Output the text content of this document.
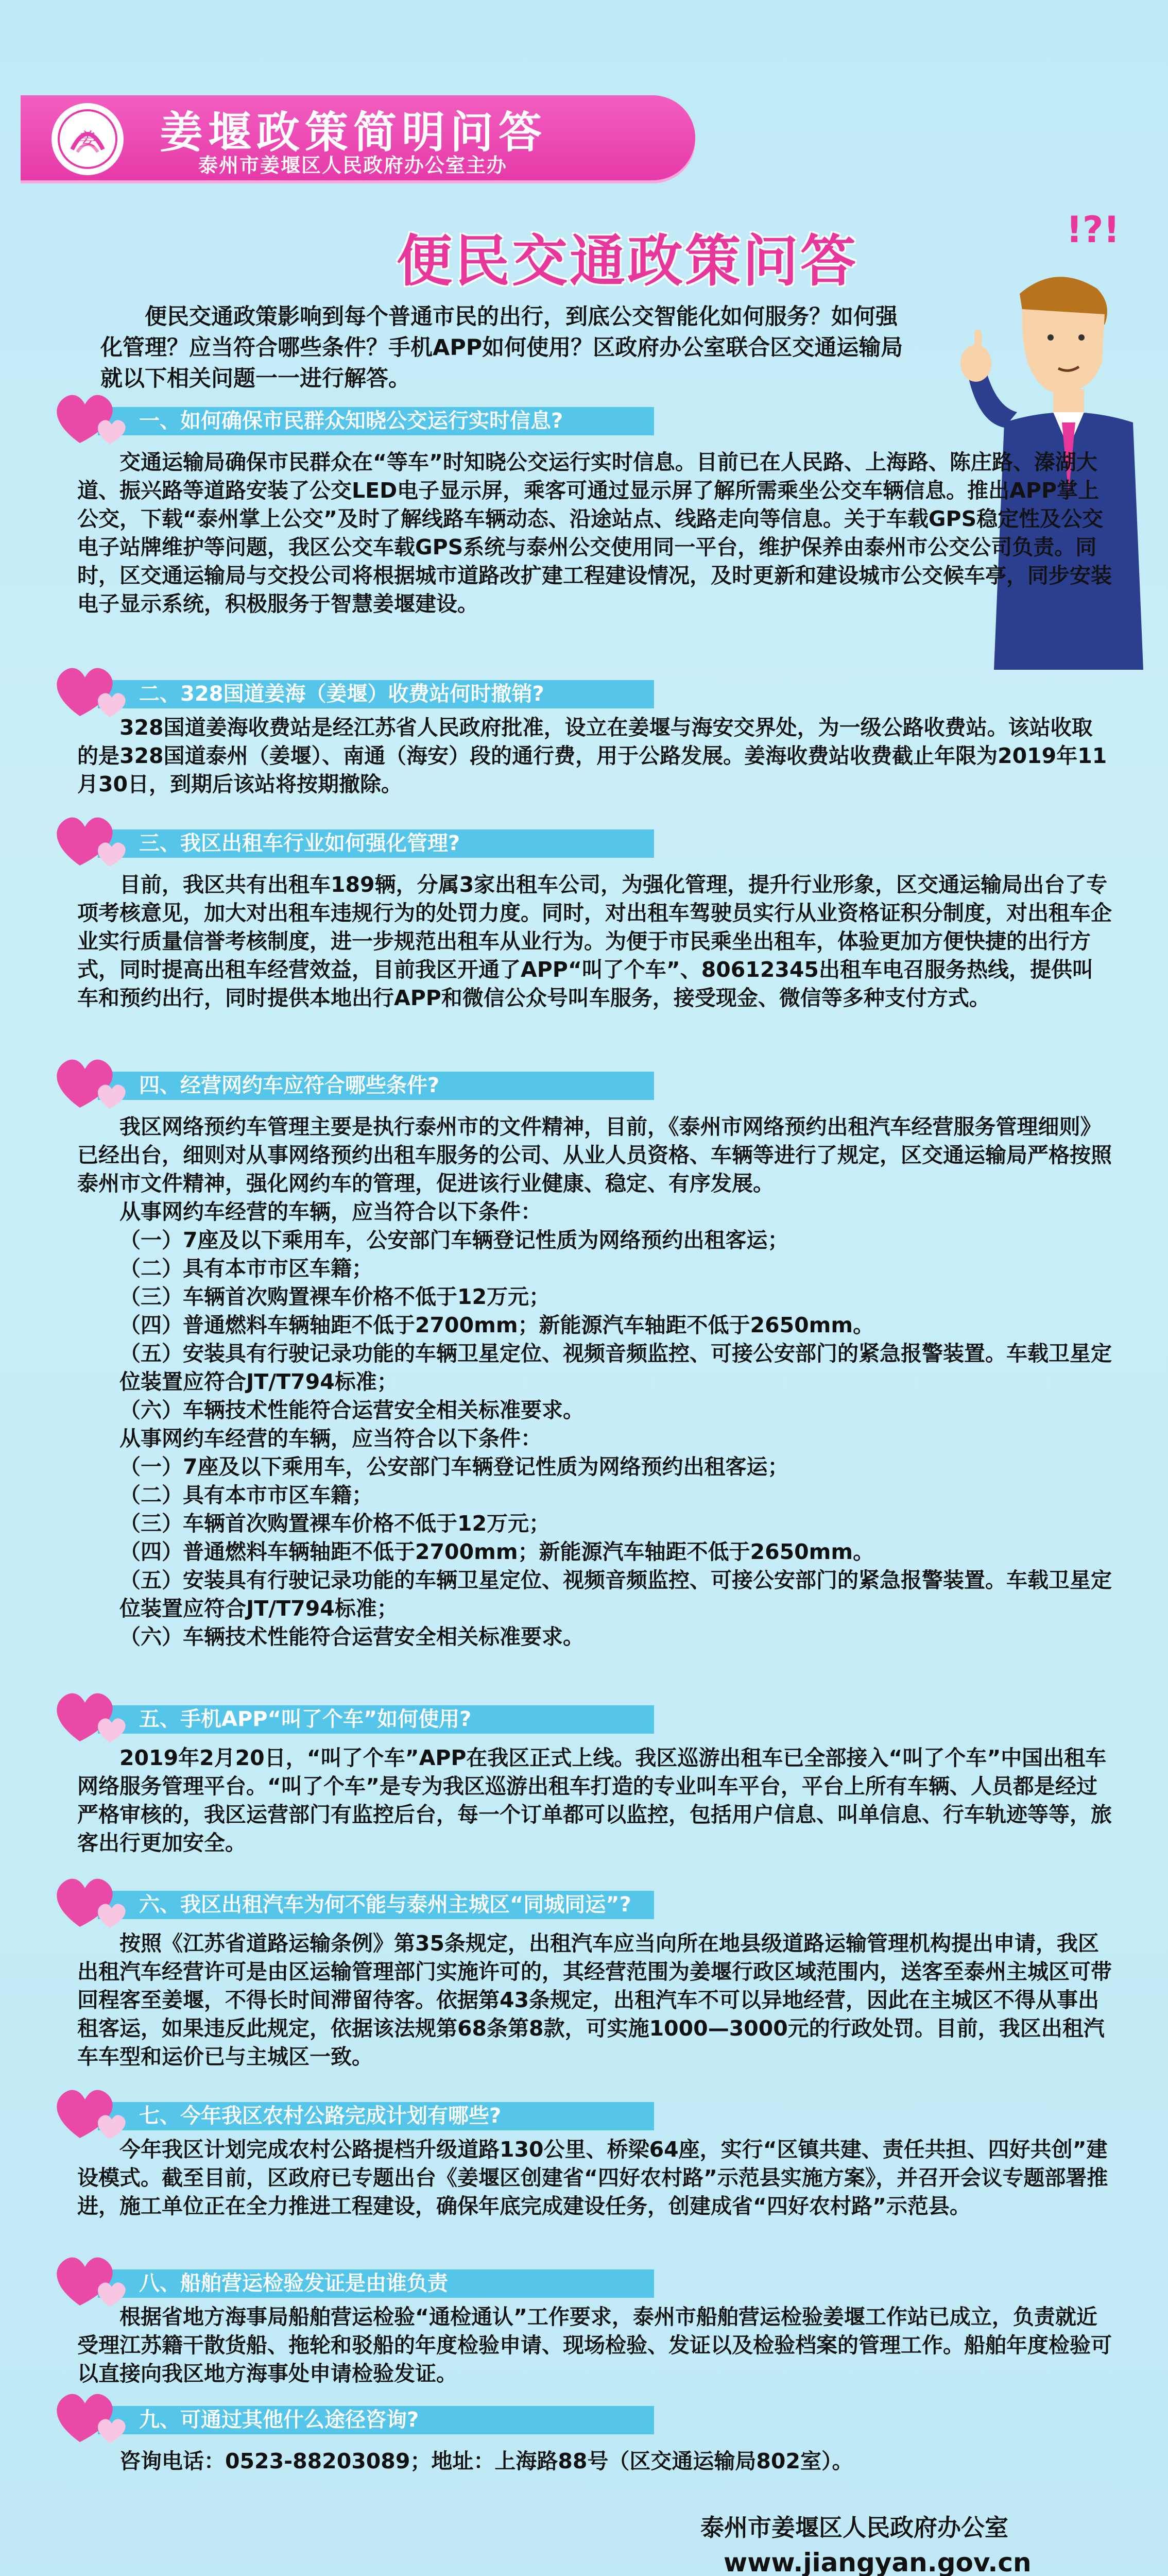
姜 姜堰政策简明问答
泰州市姜堰区人民政府办公室主办
便民交通政策问答	!?!

便民交通政策影响到每个普通市民的出行，到底公交智能化如何服务？如何强化管理？应当符合哪些条件？手机APP如何使用？区政府办公室联合区交通运输局就以下相关问题一一进行解答。

一、如何确保市民群众知晓公交运行实时信息?

交通运输局确保市民群众在“等车”时知晓公交运行实时信息。目前已在人民路、上海路、陈庄路、溱湖大道、振兴路等道路安装了公交LED电子显示屏，乘客可通过显示屏了解所需乘坐公交车辆信息。推出APP掌上公交，下载“泰州掌上公交”及时了解线路车辆动态、沿途站点、线路走向等信息。关于车载GPS稳定性及公交电子站牌维护等问题，我区公交车载GPS系统与泰州公交使用同一平台，维护保养由泰州市公交公司负责。同时，区交通运输局与交投公司将根据城市道路改扩建工程建设情况，及时更新和建设城市公交候车亭，同步安装电子显示系统，积极服务于智慧姜堰建设。

二、328国道姜海（姜堰）收费站何时撤销?

328国道姜海收费站是经江苏省人民政府批准，设立在姜堰与海安交界处，为一级公路收费站。该站收取的是328国道泰州（姜堰）、南通（海安）段的通行费，用于公路发展。姜海收费站收费截止年限为2019年11月30日，到期后该站将按期撤除。

三、我区出租车行业如何强化管理?

目前，我区共有出租车189辆，分属3家出租车公司，为强化管理，提升行业形象，区交通运输局出台了专项考核意见，加大对出租车违规行为的处罚力度。同时，对出租车驾驶员实行从业资格证积分制度，对出租车企业实行质量信誉考核制度，进一步规范出租车从业行为。为便于市民乘坐出租车，体验更加方便快捷的出行方式，同时提高出租车经营效益，目前我区开通了APP“叫了个车”、80612345出租车电召服务热线，提供叫车和预约出行，同时提供本地出行APP和微信公众号叫车服务，接受现金、微信等多种支付方式。

四、经营网约车应符合哪些条件?

我区网络预约车管理主要是执行泰州市的文件精神，目前，《泰州市网络预约出租汽车经营服务管理细则》已经出台，细则对从事网络预约出租车服务的公司、从业人员资格、车辆等进行了规定，区交通运输局严格按照泰州市文件精神，强化网约车的管理，促进该行业健康、稳定、有序发展。

从事网约车经营的车辆，应当符合以下条件：

（一）7座及以下乘用车，公安部门车辆登记性质为网络预约出租客运；

（二）具有本市市区车籍；

（三）车辆首次购置裸车价格不低于12万元；

（四）普通燃料车辆轴距不低于2700mm；新能源汽车轴距不低于2650mm。

（五）安装具有行驶记录功能的车辆卫星定位、视频音频监控、可接公安部门的紧急报警装置。车载卫星定位装置应符合JT/T794标准；

（六）车辆技术性能符合运营安全相关标准要求。

从事网约车经营的车辆，应当符合以下条件：

（一）7座及以下乘用车，公安部门车辆登记性质为网络预约出租客运；

（二）具有本市市区车籍；

（三）车辆首次购置裸车价格不低于12万元；

（四）普通燃料车辆轴距不低于2700mm；新能源汽车轴距不低于2650mm。

（五）安装具有行驶记录功能的车辆卫星定位、视频音频监控、可接公安部门的紧急报警装置。车载卫星定位装置应符合JT/T794标准；

（六）车辆技术性能符合运营安全相关标准要求。

五、手机APP“叫了个车”如何使用?

2019年2月20日，“叫了个车”APP在我区正式上线。我区巡游出租车已全部接入“叫了个车”中国出租车网络服务管理平台。“叫了个车”是专为我区巡游出租车打造的专业叫车平台，平台上所有车辆、人员都是经过严格审核的，我区运营部门有监控后台，每一个订单都可以监控，包括用户信息、叫单信息、行车轨迹等等，旅客出行更加安全。

六、我区出租汽车为何不能与泰州主城区“同城同运”?

按照《江苏省道路运输条例》第35条规定，出租汽车应当向所在地县级道路运输管理机构提出申请，我区出租汽车经营许可是由区运输管理部门实施许可的，其经营范围为姜堰行政区域范围内，送客至泰州主城区可带回程客至姜堰，不得长时间滞留待客。依据第43条规定，出租汽车不可以异地经营，因此在主城区不得从事出租客运，如果违反此规定，依据该法规第68条第8款，可实施1000—3000元的行政处罚。目前，我区出租汽车车型和运价已与主城区一致。

七、今年我区农村公路完成计划有哪些?

今年我区计划完成农村公路提档升级道路130公里、桥梁64座，实行“区镇共建、责任共担、四好共创”建设模式。截至目前，区政府已专题出台《姜堰区创建省“四好农村路”示范县实施方案》，并召开会议专题部署推进，施工单位正在全力推进工程建设，确保年底完成建设任务，创建成省“四好农村路”示范县。

八、船舶营运检验发证是由谁负责

根据省地方海事局船舶营运检验“通检通认”工作要求，泰州市船舶营运检验姜堰工作站已成立，负责就近受理江苏籍干散货船、拖轮和驳船的年度检验申请、现场检验、发证以及检验档案的管理工作。船舶年度检验可以直接向我区地方海事处申请检验发证。

九、可通过其他什么途径咨询?

咨询电话：0523-88203089；地址：上海路88号（区交通运输局802室）。

泰州市姜堰区人民政府办公室
www.jiangyan.gov.cn
